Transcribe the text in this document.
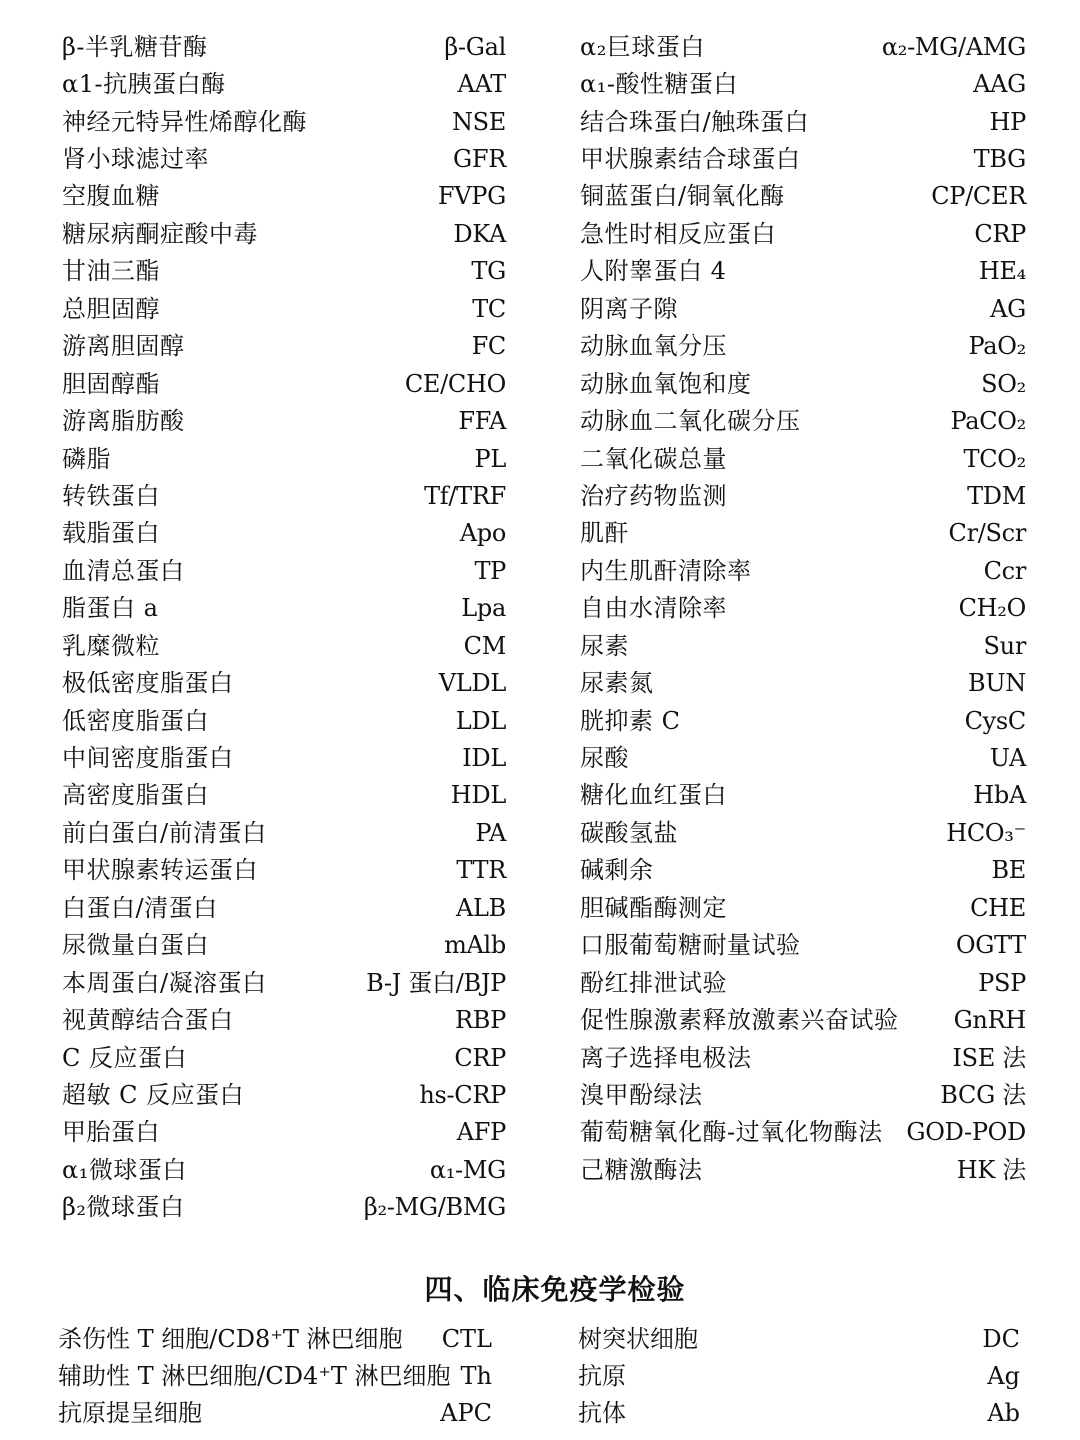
β-半乳糖苷酶	β-Gal
α1-抗胰蛋白酶	AAT
神经元特异性烯醇化酶	NSE
肾小球滤过率	GFR
空腹血糖	FVPG
糖尿病酮症酸中毒	DKA
甘油三酯	TG
总胆固醇	TC
游离胆固醇	FC
胆固醇酯	CE/CHO
游离脂肪酸	FFA
磷脂	PL
转铁蛋白	Tf/TRF
载脂蛋白	Apo
血清总蛋白	TP
脂蛋白 a	Lpa
乳糜微粒	CM
极低密度脂蛋白	VLDL
低密度脂蛋白	LDL
中间密度脂蛋白	IDL
高密度脂蛋白	HDL
前白蛋白/前清蛋白	PA
甲状腺素转运蛋白	TTR
白蛋白/清蛋白	ALB
尿微量白蛋白	mAlb
本周蛋白/凝溶蛋白	B-J 蛋白/BJP
视黄醇结合蛋白	RBP
C 反应蛋白	CRP
超敏 C 反应蛋白	hs-CRP
甲胎蛋白	AFP
α₁微球蛋白	α₁-MG
β₂微球蛋白	β₂-MG/BMG
α₂巨球蛋白	α₂-MG/AMG
α₁-酸性糖蛋白	AAG
结合珠蛋白/触珠蛋白	HP
甲状腺素结合球蛋白	TBG
铜蓝蛋白/铜氧化酶	CP/CER
急性时相反应蛋白	CRP
人附睾蛋白 4	HE₄
阴离子隙	AG
动脉血氧分压	PaO₂
动脉血氧饱和度	SO₂
动脉血二氧化碳分压	PaCO₂
二氧化碳总量	TCO₂
治疗药物监测	TDM
肌酐	Cr/Scr
内生肌酐清除率	Ccr
自由水清除率	CH₂O
尿素	Sur
尿素氮	BUN
胱抑素 C	CysC
尿酸	UA
糖化血红蛋白	HbA
碳酸氢盐	HCO₃⁻
碱剩余	BE
胆碱酯酶测定	CHE
口服葡萄糖耐量试验	OGTT
酚红排泄试验	PSP
促性腺激素释放激素兴奋试验 GnRH
离子选择电极法	ISE 法
溴甲酚绿法	BCG 法
葡萄糖氧化酶-过氧化物酶法 GOD-POD
己糖激酶法	HK 法
四、临床免疫学检验
杀伤性 T 细胞/CD8⁺T 淋巴细胞 CTL
辅助性 T 淋巴细胞/CD4⁺T 淋巴细胞 Th
抗原提呈细胞	APC
树突状细胞	DC
抗原	Ag
抗体	Ab
